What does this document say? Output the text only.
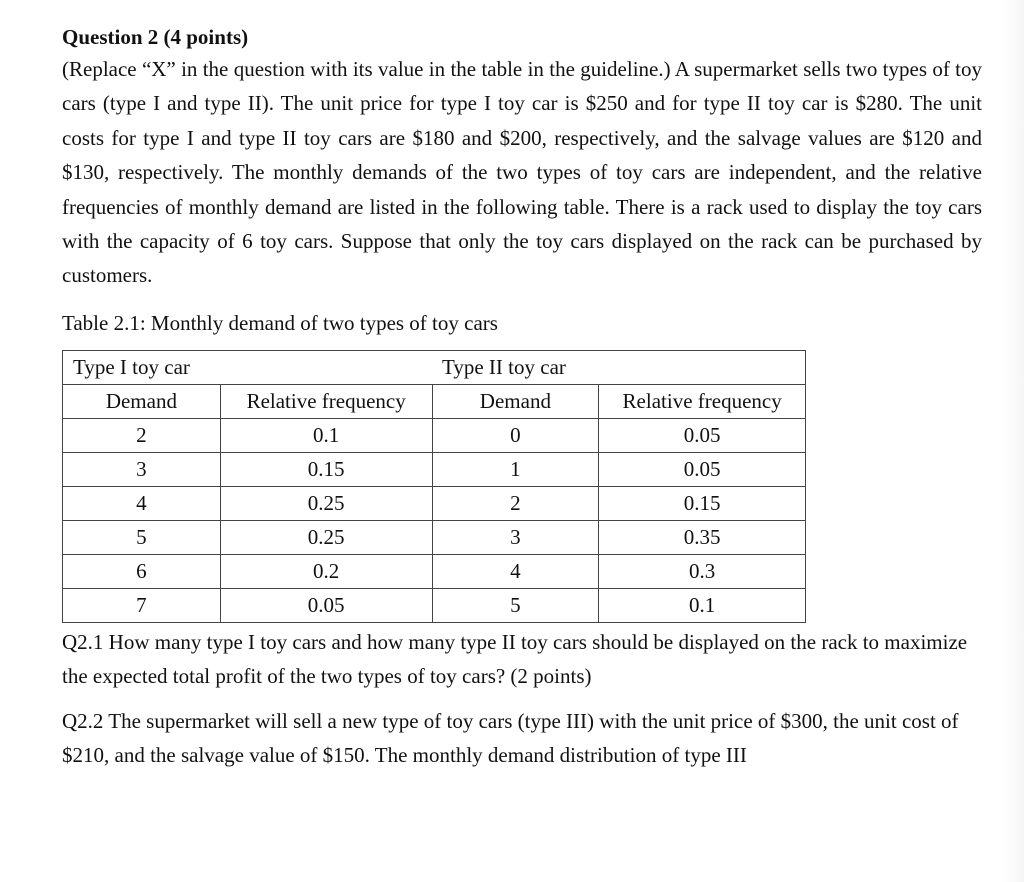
Question 2 (4 points)

(Replace “X” in the question with its value in the table in the guideline.) A supermarket sells two types of toy cars (type I and type II). The unit price for type I toy car is $250 and for type II toy car is $280. The unit costs for type I and type II toy cars are $180 and $200, respectively, and the salvage values are $120 and $130, respectively. The monthly demands of the two types of toy cars are independent, and the relative frequencies of monthly demand are listed in the following table. There is a rack used to display the toy cars with the capacity of 6 toy cars. Suppose that only the toy cars displayed on the rack can be purchased by customers.

Table 2.1: Monthly demand of two types of toy cars

Type I toy car		Type II toy car	
Demand	Relative frequency	Demand	Relative frequency
2	0.1	0	0.05
3	0.15	1	0.05
4	0.25	2	0.15
5	0.25	3	0.35
6	0.2	4	0.3
7	0.05	5	0.1

Q2.1 How many type I toy cars and how many type II toy cars should be displayed on the rack to maximize the expected total profit of the two types of toy cars? (2 points)

Q2.2 The supermarket will sell a new type of toy cars (type III) with the unit price of $300, the unit cost of $210, and the salvage value of $150. The monthly demand distribution of type III
